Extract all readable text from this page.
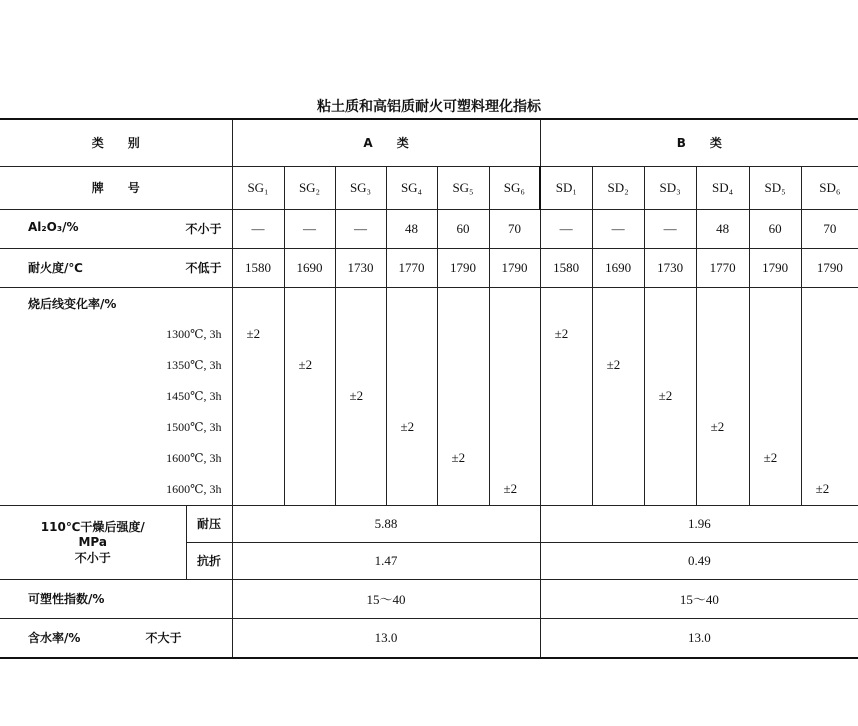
粘土质和高铝质耐火可塑料理化指标
类　　别		A　　类						B　　类					
牌　　号		SG₁	SG₂	SG₃	SG₄	SG₅	SG₆	SD₁	SD₂	SD₃	SD₄	SD₅	SD₆
Al₂O₃/% 不小于		—	—	—	48	60	70	—	—	—	48	60	70
耐火度/℃ 不低于		1580	1690	1730	1770	1790	1790	1580	1690	1730	1770	1790	1790
烧后线变化率/%													
1300℃, 3h		±2						±2					
1350℃, 3h			±2						±2				
1450℃, 3h				±2						±2			
1500℃, 3h					±2						±2		
1600℃, 3h						±2						±2	
1600℃, 3h							±2						±2

110℃干燥后强度/
MPa
不小于	耐压	5.88						1.96					
	抗折	1.47						0.49					
可塑性指数/%		15～40						15～40					
含水率/% 不大于		13.0						13.0					
